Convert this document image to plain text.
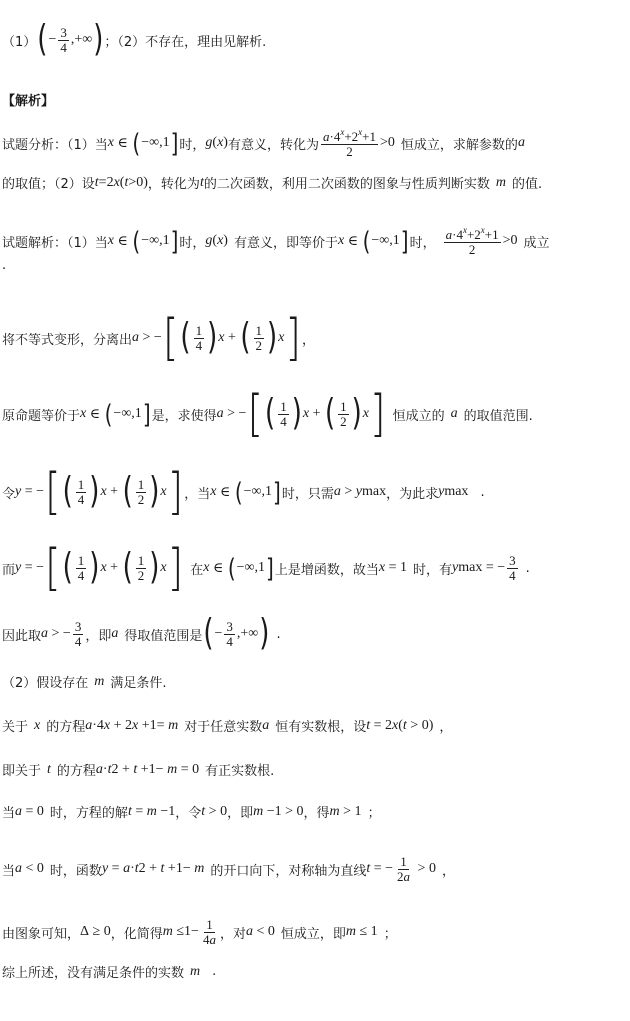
（1） ( − $\frac{3}{4}$ ,+∞ ) ；（2）不存在，理由见解析.
【解析】
试题分析：（1）当 x ∈ ( −∞,1 ] 时， g ( x ) 有意义，转化为 $\frac{a\cdot 4^x+2^x+1}{2} >0$ 恒成立，求解参数的 a
的取值；（2）设 t =2 x ( t >0) ，转化为 t 的二次函数，利用二次函数的图象与性质判断实数 m 的值.
试题解析：（1）当 x ∈ ( −∞,1 ] 时， g ( x ) 有意义，即等价于 x ∈ ( −∞,1 ] 时， $\frac{a\cdot 4^x+2^x+1}{2} >0$ 成立
.
将不等式变形，分离出 a > − [ ( $\frac{1}{4}$ ) x + ( $\frac{1}{2}$ ) x ] ，
原命题等价于 x ∈ ( −∞,1 ] 是，求使得 a > − [ ( $\frac{1}{4}$ ) x + ( $\frac{1}{2}$ ) x ] 恒成立的 a 的取值范围.
令 y = − [ ( $\frac{1}{4}$ ) x + ( $\frac{1}{2}$ ) x ] ，当 x ∈ ( −∞,1 ] 时，只需 a > y max ，为此求 y max .
而 y = − [ ( $\frac{1}{4}$ ) x + ( $\frac{1}{2}$ ) x ] 在 x ∈ ( −∞,1 ] 上是增函数，故当 x = 1 时，有 y max = − $\frac{3}{4}$ .
因此取 a > − $\frac{3}{4}$ ，即 a 得取值范围是 ( − $\frac{3}{4}$ ,+∞ ) .
（2）假设存在 m 满足条件.
关于 x 的方程 a ·4 x + 2 x +1= m 对于任意实数 a 恒有实数根，设 t = 2 x ( t > 0) ，
即关于 t 的方程 a · t 2 + t +1− m = 0 有正实数根.
当 a = 0 时，方程的解 t = m −1 ，令 t > 0 ，即 m −1 > 0 ，得 m > 1 ；
当 a < 0 时，函数 y = a · t 2 + t +1− m 的开口向下，对称轴为直线 t = − $\frac{1}{2a} > 0$ ，
由图象可知， Δ ≥ 0 ，化简得 $m \le 1- \frac{1}{4a}$ ，对 a < 0 恒成立，即 m ≤ 1 ；
综上所述，没有满足条件的实数 m .
